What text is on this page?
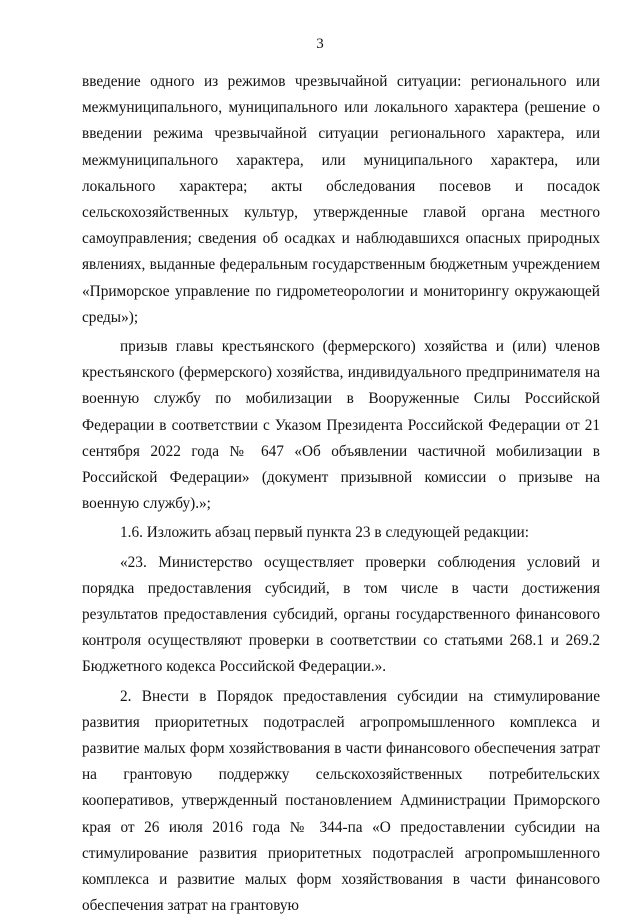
3

введение одного из режимов чрезвычайной ситуации: регионального или межмуниципального, муниципального или локального характера (решение о введении режима чрезвычайной ситуации регионального характера, или межмуниципального характера, или муниципального характера, или локального характера; акты обследования посевов и посадок сельскохозяйственных культур, утвержденные главой органа местного самоуправления; сведения об осадках и наблюдавшихся опасных природных явлениях, выданные федеральным государственным бюджетным учреждением «Приморское управление по гидрометеорологии и мониторингу окружающей среды»);

призыв главы крестьянского (фермерского) хозяйства и (или) членов крестьянского (фермерского) хозяйства, индивидуального предпринимателя на военную службу по мобилизации в Вооруженные Силы Российской Федерации в соответствии с Указом Президента Российской Федерации от 21 сентября 2022 года № 647 «Об объявлении частичной мобилизации в Российской Федерации» (документ призывной комиссии о призыве на военную службу).»;

1.6. Изложить абзац первый пункта 23 в следующей редакции:

«23. Министерство осуществляет проверки соблюдения условий и порядка предоставления субсидий, в том числе в части достижения результатов предоставления субсидий, органы государственного финансового контроля осуществляют проверки в соответствии со статьями 268.1 и 269.2 Бюджетного кодекса Российской Федерации.».

2. Внести в Порядок предоставления субсидии на стимулирование развития приоритетных подотраслей агропромышленного комплекса и развитие малых форм хозяйствования в части финансового обеспечения затрат на грантовую поддержку сельскохозяйственных потребительских кооперативов, утвержденный постановлением Администрации Приморского края от 26 июля 2016 года № 344-па «О предоставлении субсидии на стимулирование развития приоритетных подотраслей агропромышленного комплекса и развитие малых форм хозяйствования в части финансового обеспечения затрат на грантовую
